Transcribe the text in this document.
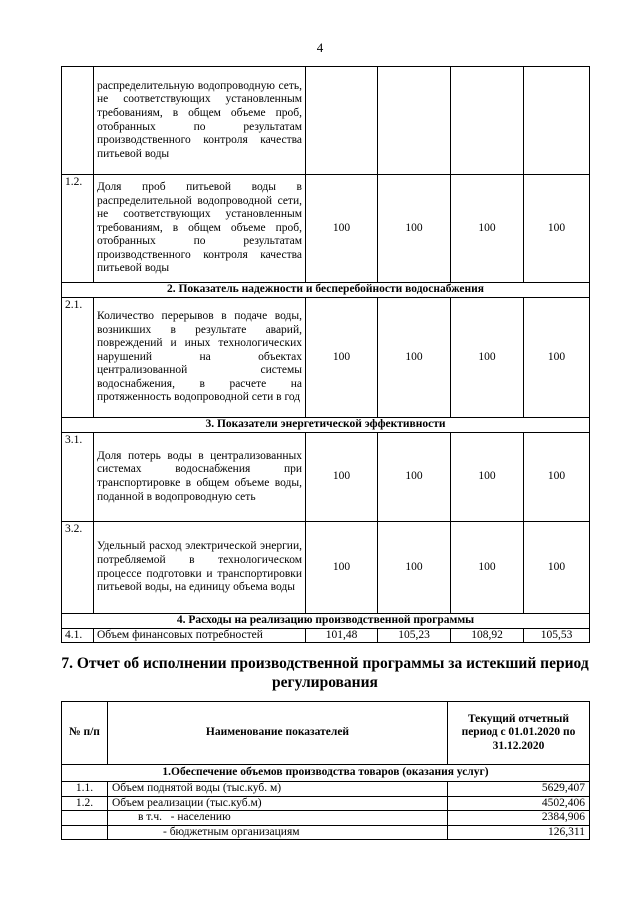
4
	распределительную водопроводную сеть, не соответствующих установленным требованиям, в общем объеме проб, отобранных по результатам производственного контроля качества питьевой воды				
1.2.	Доля проб питьевой воды в распределительной водопроводной сети, не соответствующих установленным требованиям, в общем объеме проб, отобранных по результатам производственного контроля качества питьевой воды	100	100	100	100
2. Показатель надежности и бесперебойности водоснабжения					
2.1.	Количество перерывов в подаче воды, возникших в результате аварий, повреждений и иных технологических нарушений на объектах централизованной системы водоснабжения, в расчете на протяженность водопроводной сети в год	100	100	100	100
3. Показатели энергетической эффективности					
3.1.	Доля потерь воды в централизованных системах водоснабжения при транспортировке в общем объеме воды, поданной в водопроводную сеть	100	100	100	100
3.2.	Удельный расход электрической энергии, потребляемой в технологическом процессе подготовки и транспортировки питьевой воды, на единицу объема воды	100	100	100	100
4. Расходы на реализацию производственной программы					
4.1.	Объем финансовых потребностей	101,48	105,23	108,92	105,53
7. Отчет об исполнении производственной программы за истекший период регулирования
№ п/п	Наименование показателей	Текущий отчетный период с 01.01.2020 по 31.12.2020
1.Обеспечение объемов производства товаров (оказания услуг)		
1.1.	Объем поднятой воды (тыс.куб. м)	5629,407
1.2.	Объем реализации (тыс.куб.м)	4502,406
	в т.ч.   - населению	2384,906
	- бюджетным организациям	126,311
